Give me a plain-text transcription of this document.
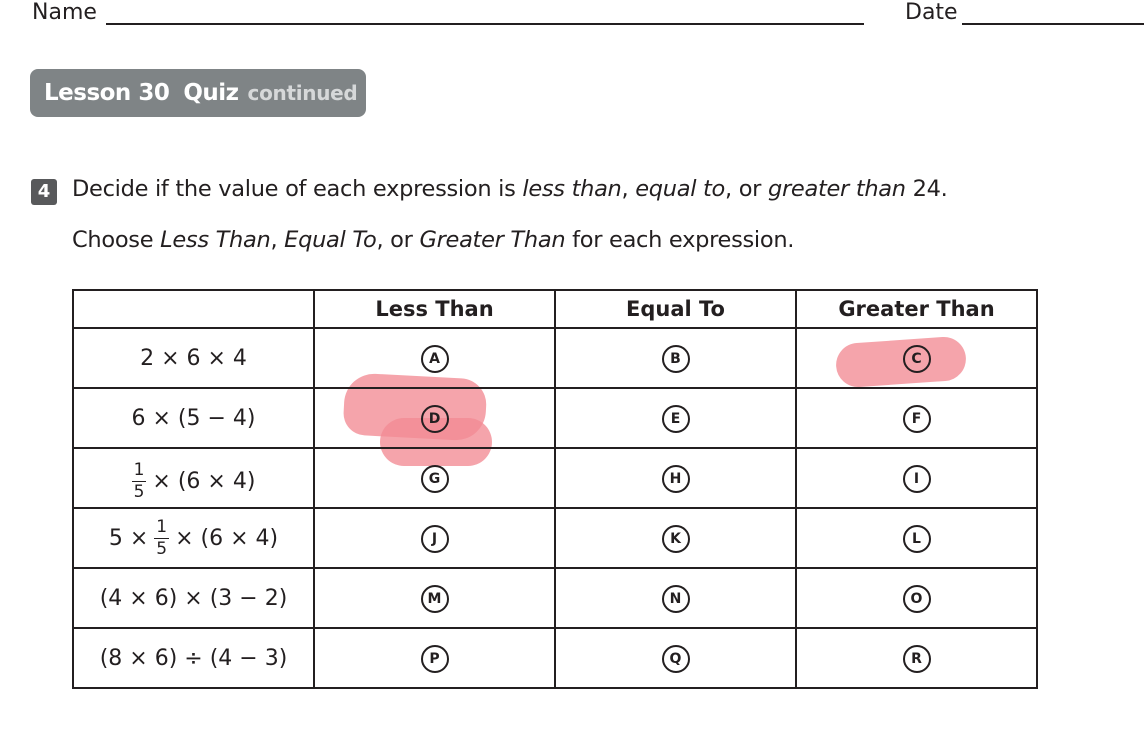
Name	Date
Lesson 30 Quiz continued
4 Decide if the value of each expression is less than, equal to, or greater than 24.
Choose Less Than, Equal To, or Greater Than for each expression.
	Less Than	Equal To	Greater Than
2 × 6 × 4	A	B	C
6 × (5 − 4)	D	E	F

$\frac{1}{5} \times (6 \times 4)$	G	H	I

$5 \times \frac{1}{5} \times (6 \times 4)$	J	K	L
(4 × 6) × (3 − 2)	M	N	O
(8 × 6) ÷ (4 − 3)	P	Q	R
